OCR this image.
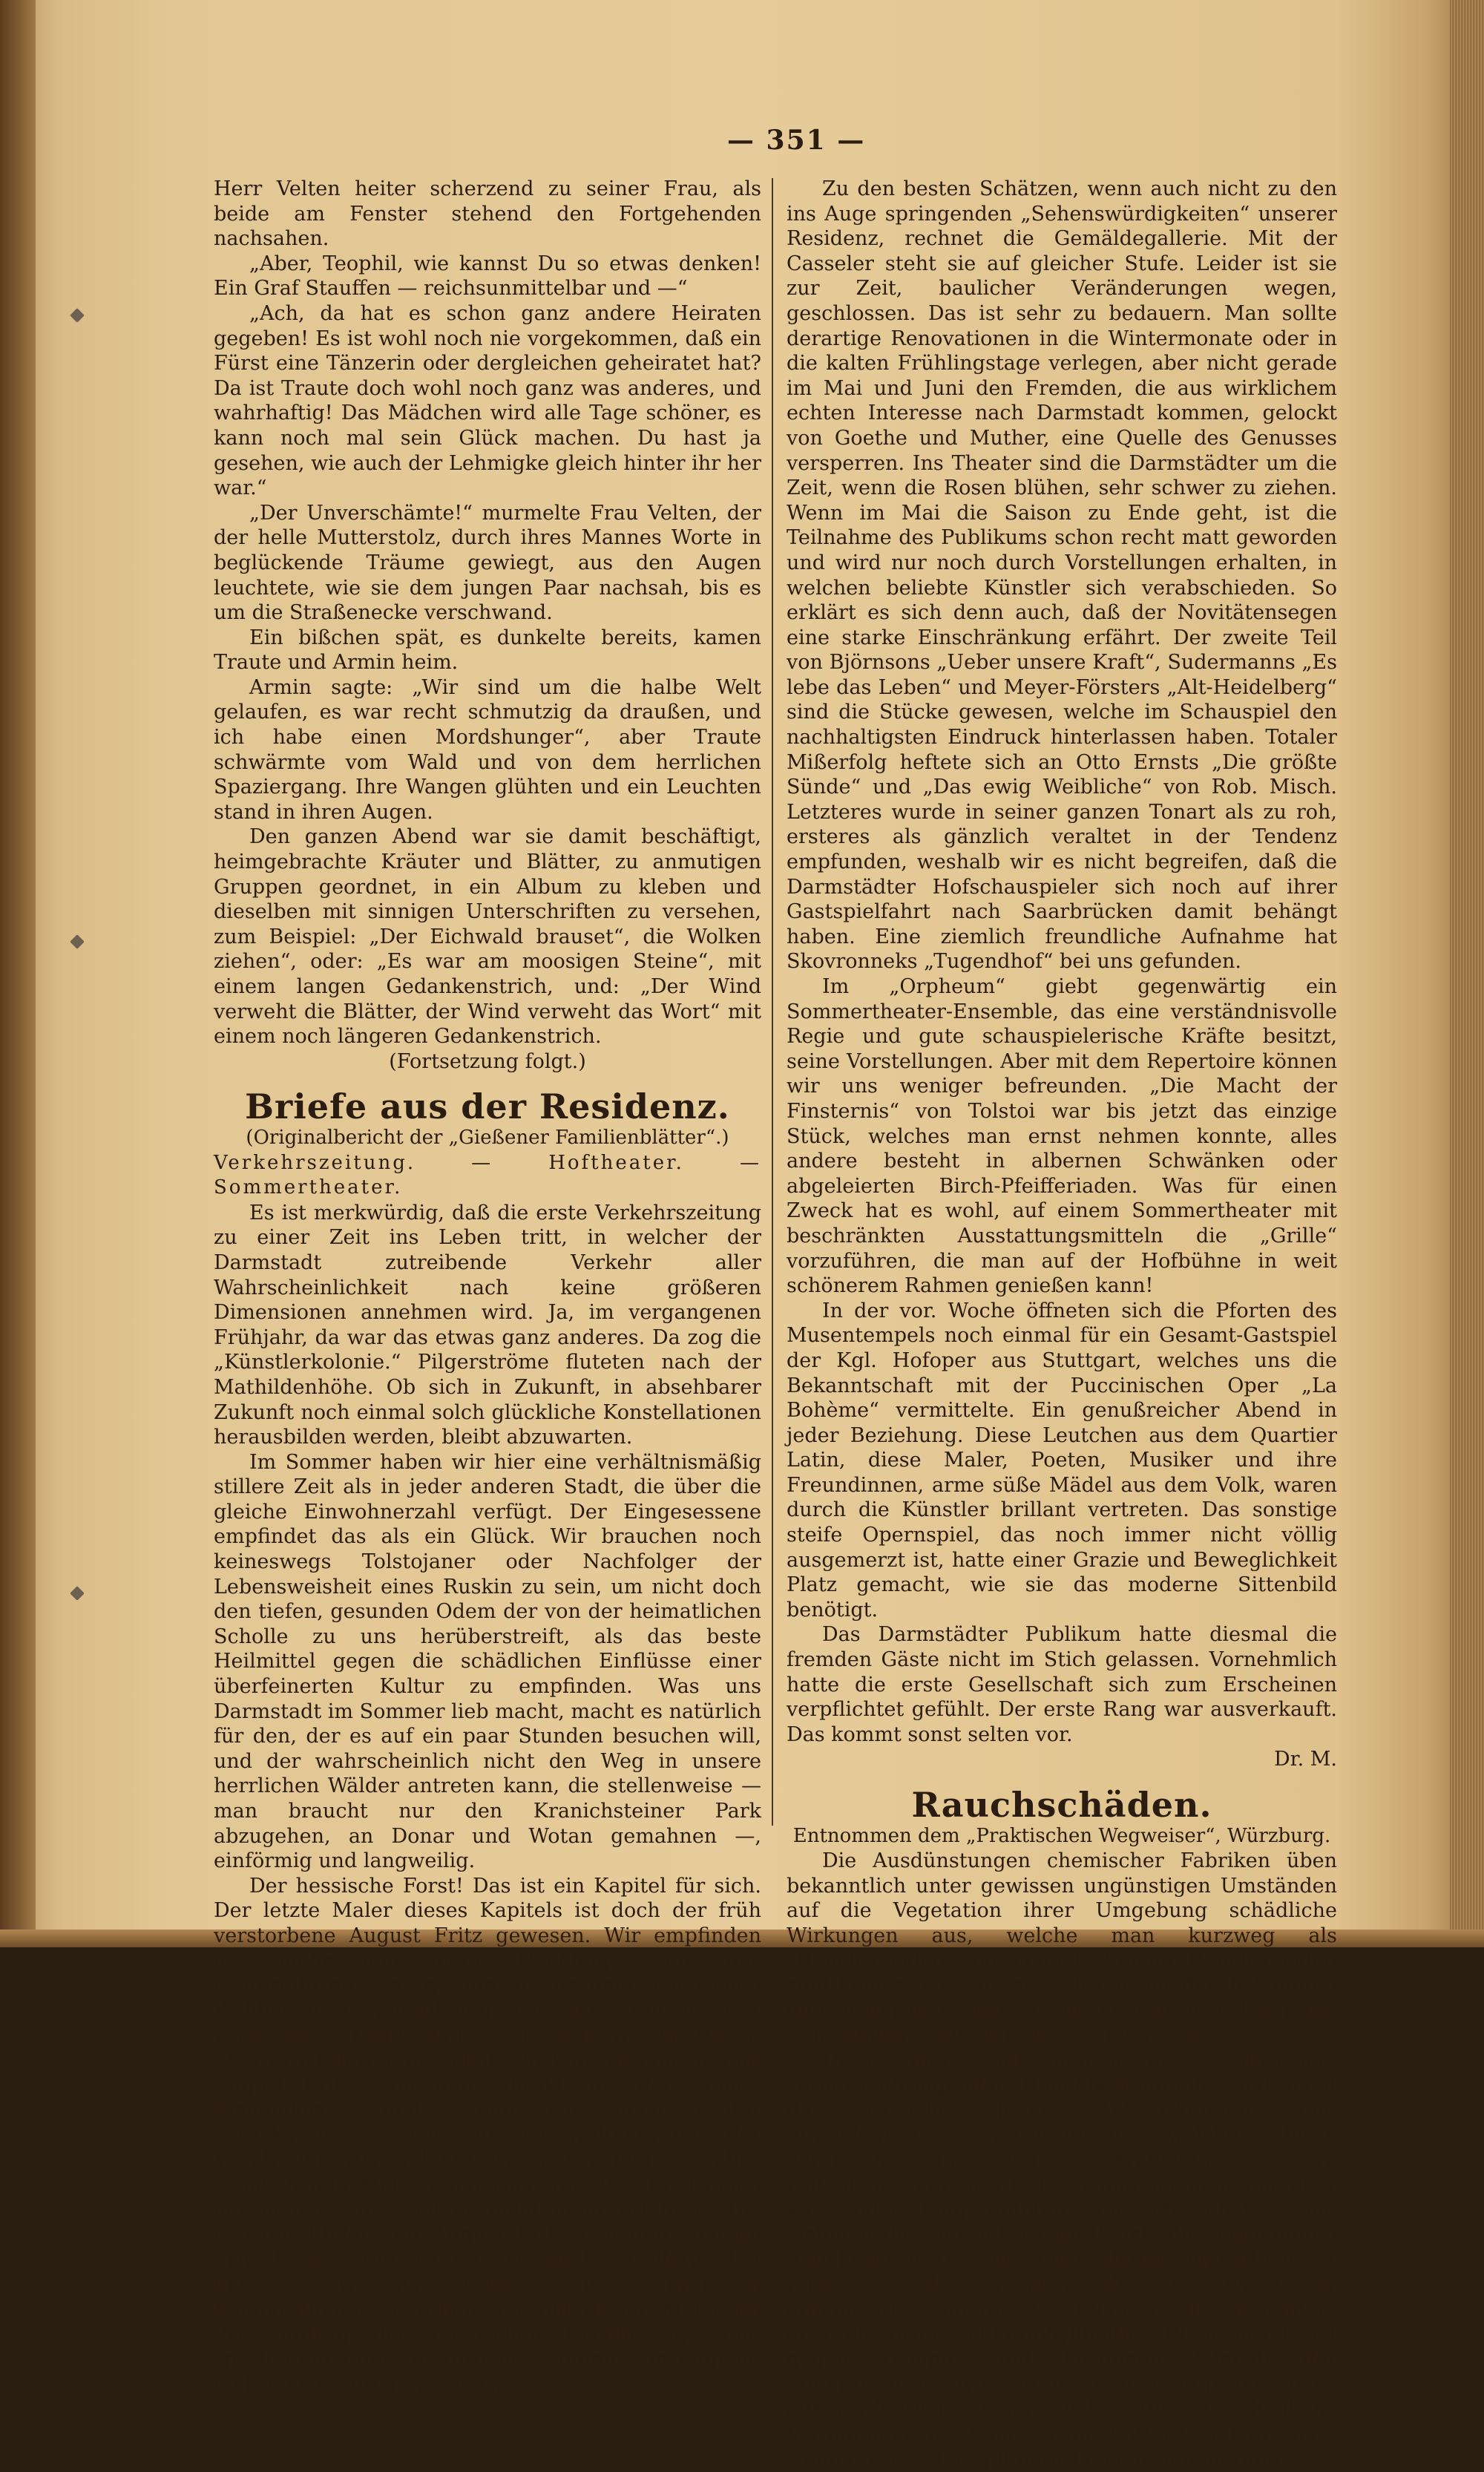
— 351 —

Herr Velten heiter scherzend zu seiner Frau, als beide am Fenster stehend den Fortgehenden nachsahen.

„Aber, Teophil, wie kannst Du so etwas denken! Ein Graf Stauffen — reichsunmittelbar und —“

„Ach, da hat es schon ganz andere Heiraten gegeben! Es ist wohl noch nie vorgekommen, daß ein Fürst eine Tänzerin oder dergleichen geheiratet hat? Da ist Traute doch wohl noch ganz was anderes, und wahrhaftig! Das Mädchen wird alle Tage schöner, es kann noch mal sein Glück machen. Du hast ja gesehen, wie auch der Lehmigke gleich hinter ihr her war.“

„Der Unverschämte!“ murmelte Frau Velten, der der helle Mutterstolz, durch ihres Mannes Worte in beglückende Träume gewiegt, aus den Augen leuchtete, wie sie dem jungen Paar nachsah, bis es um die Straßenecke verschwand.

Ein bißchen spät, es dunkelte bereits, kamen Traute und Armin heim.

Armin sagte: „Wir sind um die halbe Welt gelaufen, es war recht schmutzig da draußen, und ich habe einen Mordshunger“, aber Traute schwärmte vom Wald und von dem herrlichen Spaziergang. Ihre Wangen glühten und ein Leuchten stand in ihren Augen.

Den ganzen Abend war sie damit beschäftigt, heimgebrachte Kräuter und Blätter, zu anmutigen Gruppen geordnet, in ein Album zu kleben und dieselben mit sinnigen Unterschriften zu versehen, zum Beispiel: „Der Eichwald brauset“, die Wolken ziehen“, oder: „Es war am moosigen Steine“, mit einem langen Gedankenstrich, und: „Der Wind verweht die Blätter, der Wind verweht das Wort“ mit einem noch längeren Gedankenstrich.

(Fortsetzung folgt.)
Briefe aus der Residenz.
(Originalbericht der „Gießener Familienblätter“.)
Verkehrszeitung. — Hoftheater. — Sommertheater.

Es ist merkwürdig, daß die erste Verkehrszeitung zu einer Zeit ins Leben tritt, in welcher der Darmstadt zutreibende Verkehr aller Wahrscheinlichkeit nach keine größeren Dimensionen annehmen wird. Ja, im vergangenen Frühjahr, da war das etwas ganz anderes. Da zog die „Künstlerkolonie.“ Pilgerströme fluteten nach der Mathildenhöhe. Ob sich in Zukunft, in absehbarer Zukunft noch einmal solch glückliche Konstellationen herausbilden werden, bleibt abzuwarten.

Im Sommer haben wir hier eine verhältnismäßig stillere Zeit als in jeder anderen Stadt, die über die gleiche Einwohnerzahl verfügt. Der Eingesessene empfindet das als ein Glück. Wir brauchen noch keineswegs Tolstojaner oder Nachfolger der Lebensweisheit eines Ruskin zu sein, um nicht doch den tiefen, gesunden Odem der von der heimatlichen Scholle zu uns herüberstreift, als das beste Heilmittel gegen die schädlichen Einflüsse einer überfeinerten Kultur zu empfinden. Was uns Darmstadt im Sommer lieb macht, macht es natürlich für den, der es auf ein paar Stunden besuchen will, und der wahrscheinlich nicht den Weg in unsere herrlichen Wälder antreten kann, die stellenweise — man braucht nur den Kranichsteiner Park abzugehen, an Donar und Wotan gemahnen —, einförmig und langweilig.

Der hessische Forst! Das ist ein Kapitel für sich. Der letzte Maler dieses Kapitels ist doch der früh verstorbene August Fritz gewesen. Wir empfinden das mehr und mehr. Nachfolger, die das weiterführten, was gerade er aus dem heimischen Waldleben herauszuholen verstand, fehlen. Der vornehmste Landschafter ist gegenwärtig Bader. Aber er ist durch die Schule Böcklins gegangen, und August Fritz kam ganz direkt aus der Schule Eichendorffs, und, wenn wir noch weiter zurückgreifen wollen, aus der Walthers von der Vogelweide. Als er lebte, war neben ihm hier alles ziemlich öde Meistersingermalerei. Das Eindringen der neuen Kunst hat er nicht mehr erfahren. Die meisten Bilder von August Fritz befinden sich im Privatbesitz. Die Großh. Hessische Gallerie hat unseres Wissens keine seiner größeren Kompositionen erworben, obwohl dieser Maler im Privatauftrag der hessischen Großherzöge und speziell auch der verstorbenen Königin von England mehrfach thätig gewesen ist.

Zu den besten Schätzen, wenn auch nicht zu den ins Auge springenden „Sehenswürdigkeiten“ unserer Residenz, rechnet die Gemäldegallerie. Mit der Casseler steht sie auf gleicher Stufe. Leider ist sie zur Zeit, baulicher Veränderungen wegen, geschlossen. Das ist sehr zu bedauern. Man sollte derartige Renovationen in die Wintermonate oder in die kalten Frühlingstage verlegen, aber nicht gerade im Mai und Juni den Fremden, die aus wirklichem echten Interesse nach Darmstadt kommen, gelockt von Goethe und Muther, eine Quelle des Genusses versperren. Ins Theater sind die Darmstädter um die Zeit, wenn die Rosen blühen, sehr schwer zu ziehen. Wenn im Mai die Saison zu Ende geht, ist die Teilnahme des Publikums schon recht matt geworden und wird nur noch durch Vorstellungen erhalten, in welchen beliebte Künstler sich verabschieden. So erklärt es sich denn auch, daß der Novitätensegen eine starke Einschränkung erfährt. Der zweite Teil von Björnsons „Ueber unsere Kraft“, Sudermanns „Es lebe das Leben“ und Meyer-Försters „Alt-Heidelberg“ sind die Stücke gewesen, welche im Schauspiel den nachhaltigsten Eindruck hinterlassen haben. Totaler Mißerfolg heftete sich an Otto Ernsts „Die größte Sünde“ und „Das ewig Weibliche“ von Rob. Misch. Letzteres wurde in seiner ganzen Tonart als zu roh, ersteres als gänzlich veraltet in der Tendenz empfunden, weshalb wir es nicht begreifen, daß die Darmstädter Hofschauspieler sich noch auf ihrer Gastspielfahrt nach Saarbrücken damit behängt haben. Eine ziemlich freundliche Aufnahme hat Skovronneks „Tugendhof“ bei uns gefunden.

Im „Orpheum“ giebt gegenwärtig ein Sommertheater-Ensemble, das eine verständnisvolle Regie und gute schauspielerische Kräfte besitzt, seine Vorstellungen. Aber mit dem Repertoire können wir uns weniger befreunden. „Die Macht der Finsternis“ von Tolstoi war bis jetzt das einzige Stück, welches man ernst nehmen konnte, alles andere besteht in albernen Schwänken oder abgeleierten Birch-Pfeifferiaden. Was für einen Zweck hat es wohl, auf einem Sommertheater mit beschränkten Ausstattungsmitteln die „Grille“ vorzuführen, die man auf der Hofbühne in weit schönerem Rahmen genießen kann!

In der vor. Woche öffneten sich die Pforten des Musentempels noch einmal für ein Gesamt-Gastspiel der Kgl. Hofoper aus Stuttgart, welches uns die Bekanntschaft mit der Puccinischen Oper „La Bohème“ vermittelte. Ein genußreicher Abend in jeder Beziehung. Diese Leutchen aus dem Quartier Latin, diese Maler, Poeten, Musiker und ihre Freundinnen, arme süße Mädel aus dem Volk, waren durch die Künstler brillant vertreten. Das sonstige steife Opernspiel, das noch immer nicht völlig ausgemerzt ist, hatte einer Grazie und Beweglichkeit Platz gemacht, wie sie das moderne Sittenbild benötigt.

Das Darmstädter Publikum hatte diesmal die fremden Gäste nicht im Stich gelassen. Vornehmlich hatte die erste Gesellschaft sich zum Erscheinen verpflichtet gefühlt. Der erste Rang war ausverkauft. Das kommt sonst selten vor.

Dr. M.
Rauchschäden.
Entnommen dem „Praktischen Wegweiser“, Würzburg.

Die Ausdünstungen chemischer Fabriken üben bekanntlich unter gewissen ungünstigen Umständen auf die Vegetation ihrer Umgebung schädliche Wirkungen aus, welche man kurzweg als „Rauchschäden“ bezeichnet. Solche Rauchschäden sind keineswegs zu verwechseln mit den bekannten und neuerdings mit Recht energisch bekämpften Belästigungen durch Ruß oder Flugasche.

Diese, mehr unbequemen als gefährlichen, verderbenbringenden Rauchbestandteile sind nicht die Ursache jener Aetzwirkungen und physiologischen Vergiftungen, welche durch chronische und akute Erkrankungen unsere Nutzpflanzen in ihrer Entwicklung hemmen, und über kurz oder lang abtöten. Die Missethäter sind vielmehr die sauren Gase im Rauch, die sogenannten Rauchsäuren. Die Blüten und Blätter empfindlicherer Pflanzen, oder genauer der so wunderbar organisierte Apparat der Pflanzenzelle, besonders aber die grüne, chlorophyllhaltige Pflanzenzelle ist gegen Dämpfe und Lösungen (Nebel) der Mineralsäuren, wie sie im Rauch auftreten, ganz außerordentlich empfindlich. Die unschädliche Verdünnung des Rauches mit Luft ist erst erreicht, wenn etwa — dies gilt natürlich nur annäherungs-
